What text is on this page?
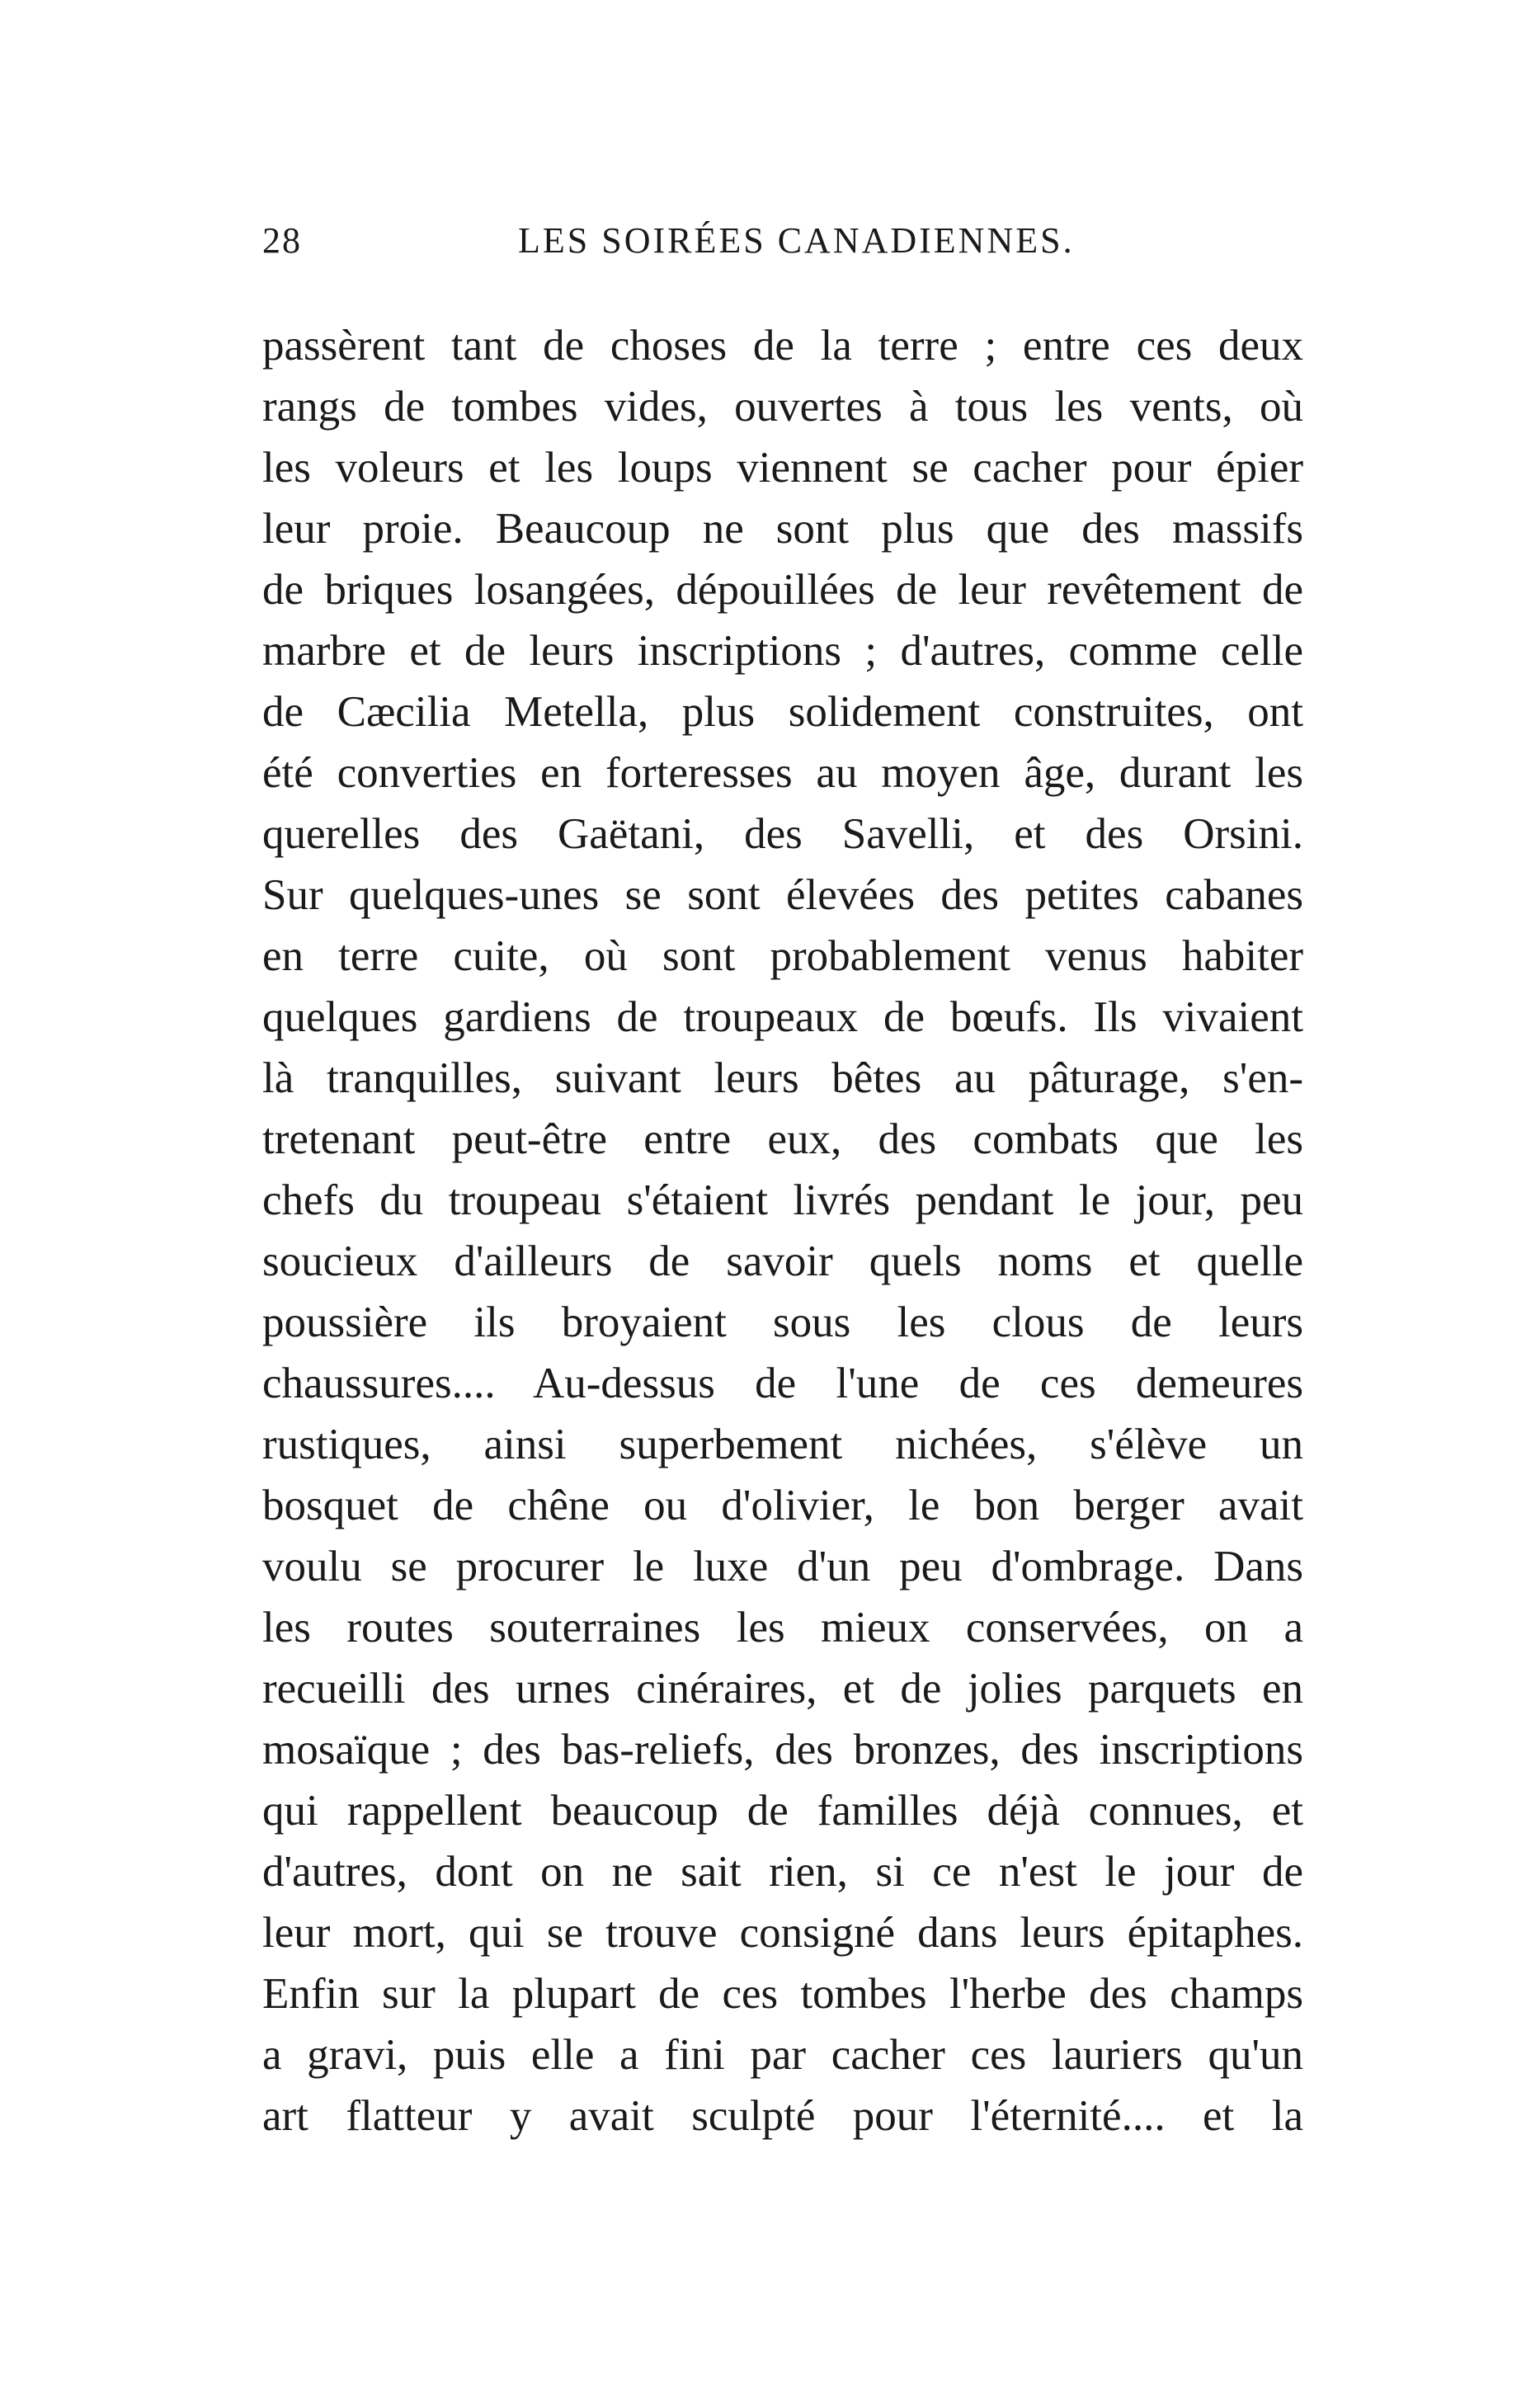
28	LES SOIRÉES CANADIENNES.
passèrent tant de choses de la terre ; entre ces deux
rangs de tombes vides, ouvertes à tous les vents, où
les voleurs et les loups viennent se cacher pour épier
leur proie. Beaucoup ne sont plus que des massifs
de briques losangées, dépouillées de leur revêtement de
marbre et de leurs inscriptions ; d'autres, comme celle
de Cæcilia Metella, plus solidement construites, ont
été converties en forteresses au moyen âge, durant les
querelles des Gaëtani, des Savelli, et des Orsini.
Sur quelques-unes se sont élevées des petites cabanes
en terre cuite, où sont probablement venus habiter
quelques gardiens de troupeaux de bœufs. Ils vivaient
là tranquilles, suivant leurs bêtes au pâturage, s'en-
tretenant peut-être entre eux, des combats que les
chefs du troupeau s'étaient livrés pendant le jour, peu
soucieux d'ailleurs de savoir quels noms et quelle
poussière ils broyaient sous les clous de leurs
chaussures.... Au-dessus de l'une de ces demeures
rustiques, ainsi superbement nichées, s'élève un
bosquet de chêne ou d'olivier, le bon berger avait
voulu se procurer le luxe d'un peu d'ombrage. Dans
les routes souterraines les mieux conservées, on a
recueilli des urnes cinéraires, et de jolies parquets en
mosaïque ; des bas-reliefs, des bronzes, des inscriptions
qui rappellent beaucoup de familles déjà connues, et
d'autres, dont on ne sait rien, si ce n'est le jour de
leur mort, qui se trouve consigné dans leurs épitaphes.
Enfin sur la plupart de ces tombes l'herbe des champs
a gravi, puis elle a fini par cacher ces lauriers qu'un
art flatteur y avait sculpté pour l'éternité.... et la
